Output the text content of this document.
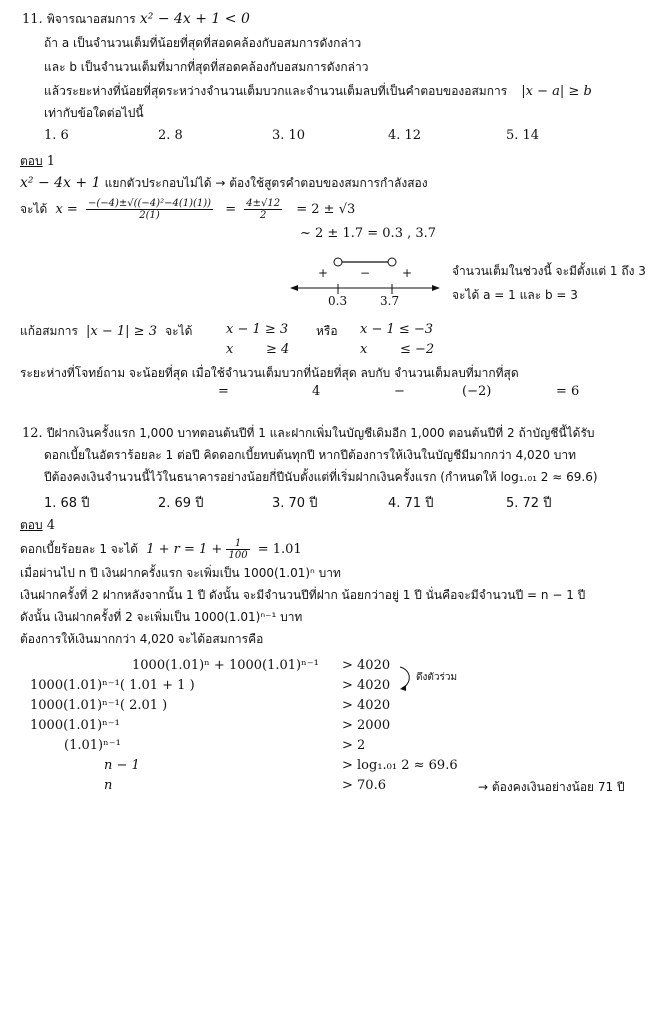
11. พิจารณาอสมการ x² − 4x + 1 < 0
ถ้า a เป็นจำนวนเต็มที่น้อยที่สุดที่สอดคล้องกับอสมการดังกล่าว
และ b เป็นจำนวนเต็มที่มากที่สุดที่สอดคล้องกับอสมการดังกล่าว
แล้วระยะห่างที่น้อยที่สุดระหว่างจำนวนเต็มบวกและจำนวนเต็มลบที่เป็นคำตอบของอสมการ |x − a| ≥ b
เท่ากับข้อใดต่อไปนี้
1. 6	2. 8	3. 10	4. 12	5. 14
ตอบ 1
x² − 4x + 1 แยกตัวประกอบไม่ได้ → ต้องใช้สูตรคำตอบของสมการกำลังสอง
จะได้ $x = \frac{\text{−(−4)±√((−4)²−4(1)(1))}}{2(1)} = \frac{4\pm√12}{2} = 2 \pm √3$
~ 2 ± 1.7 = 0.3 , 3.7
+	−	+
0.3	3.7
จำนวนเต็มในช่วงนี้ จะมีตั้งแต่ 1 ถึง 3
จะได้ a = 1 และ b = 3
แก้อสมการ |x − 1| ≥ 3 จะได้	x − 1 ≥ 3 หรือ x − 1 ≤ −3
x	≥ 4	x	≤ −2
ระยะห่างที่โจทย์ถาม จะน้อยที่สุด เมื่อใช้จำนวนเต็มบวกที่น้อยที่สุด ลบกับ จำนวนเต็มลบที่มากที่สุด
=	4	−	(−2)	= 6
12. ปีฝากเงินครั้งแรก 1,000 บาทตอนต้นปีที่ 1 และฝากเพิ่มในบัญชีเดิมอีก 1,000 ตอนต้นปีที่ 2 ถ้าบัญชีนี้ได้รับ
ดอกเบี้ยในอัตราร้อยละ 1 ต่อปี คิดดอกเบี้ยทบต้นทุกปี หากปีต้องการให้เงินในบัญชีมีมากกว่า 4,020 บาท
ปีต้องคงเงินจำนวนนี้ไว้ในธนาคารอย่างน้อยกี่ปีนับตั้งแต่ที่เริ่มฝากเงินครั้งแรก (กำหนดให้ log₁.₀₁ 2 ≈ 69.6)
1. 68 ปี	2. 69 ปี	3. 70 ปี	4. 71 ปี	5. 72 ปี
ตอบ 4
ดอกเบี้ยร้อยละ 1 จะได้ $1 + r = 1 + \frac{1}{100} = 1.01$
เมื่อผ่านไป n ปี เงินฝากครั้งแรก จะเพิ่มเป็น 1000(1.01)ⁿ บาท
เงินฝากครั้งที่ 2 ฝากหลังจากนั้น 1 ปี ดังนั้น จะมีจำนวนปีที่ฝาก น้อยกว่าอยู่ 1 ปี นั่นคือจะมีจำนวนปี = n − 1 ปี
ดังนั้น เงินฝากครั้งที่ 2 จะเพิ่มเป็น 1000(1.01)ⁿ⁻¹ บาท
ต้องการให้เงินมากกว่า 4,020 จะได้อสมการคือ
1000(1.01)ⁿ + 1000(1.01)ⁿ⁻¹ > 4020
1000(1.01)ⁿ⁻¹( 1.01 + 1 )	> 4020
1000(1.01)ⁿ⁻¹( 2.01 )	> 4020
1000(1.01)ⁿ⁻¹	> 2000
(1.01)ⁿ⁻¹	> 2
n − 1	> log₁.₀₁ 2 ≈ 69.6
n	> 70.6
ดึงตัวร่วม
→ ต้องคงเงินอย่างน้อย 71 ปี
